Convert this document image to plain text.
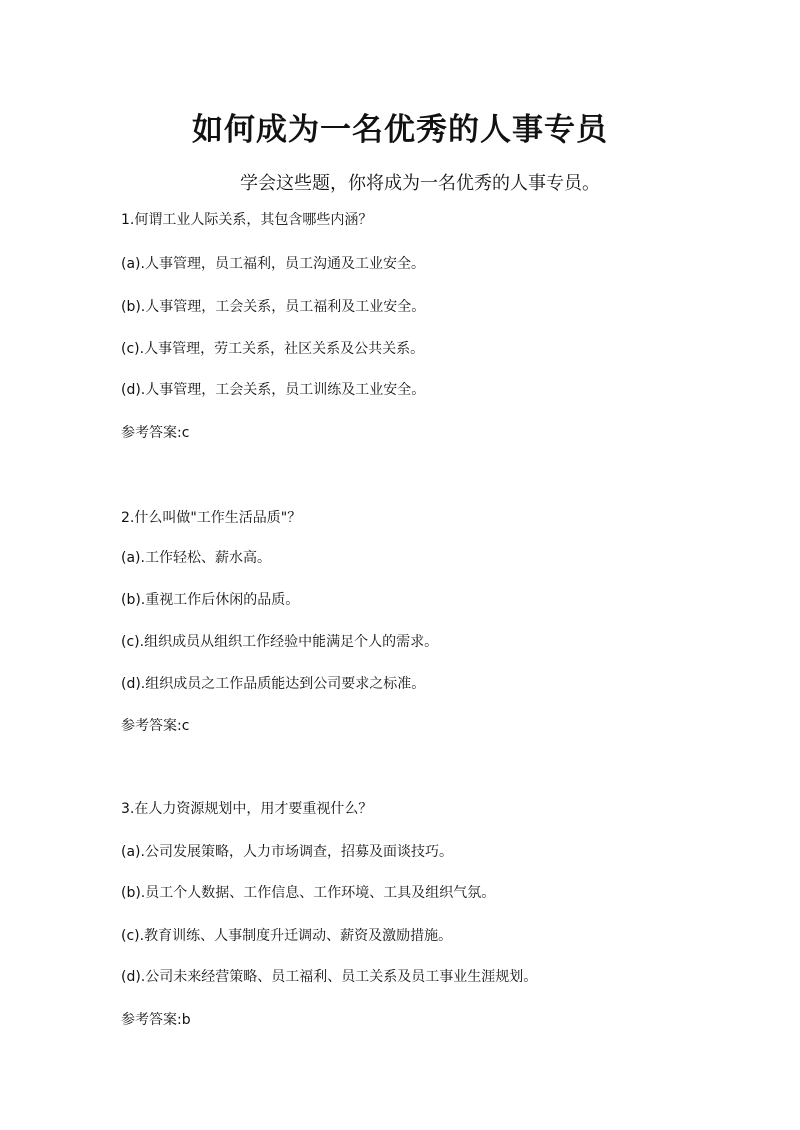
如何成为一名优秀的人事专员

学会这些题，你将成为一名优秀的人事专员。

1.何谓工业人际关系，其包含哪些内涵？

(a).人事管理，员工福利，员工沟通及工业安全。

(b).人事管理，工会关系，员工福利及工业安全。

(c).人事管理，劳工关系，社区关系及公共关系。

(d).人事管理，工会关系，员工训练及工业安全。

参考答案:c

2.什么叫做"工作生活品质"？

(a).工作轻松、薪水高。

(b).重视工作后休闲的品质。

(c).组织成员从组织工作经验中能满足个人的需求。

(d).组织成员之工作品质能达到公司要求之标准。

参考答案:c

3.在人力资源规划中，用才要重视什么？

(a).公司发展策略，人力市场调查，招募及面谈技巧。

(b).员工个人数据、工作信息、工作环境、工具及组织气氛。

(c).教育训练、人事制度升迁调动、薪资及激励措施。

(d).公司未来经营策略、员工福利、员工关系及员工事业生涯规划。

参考答案:b
